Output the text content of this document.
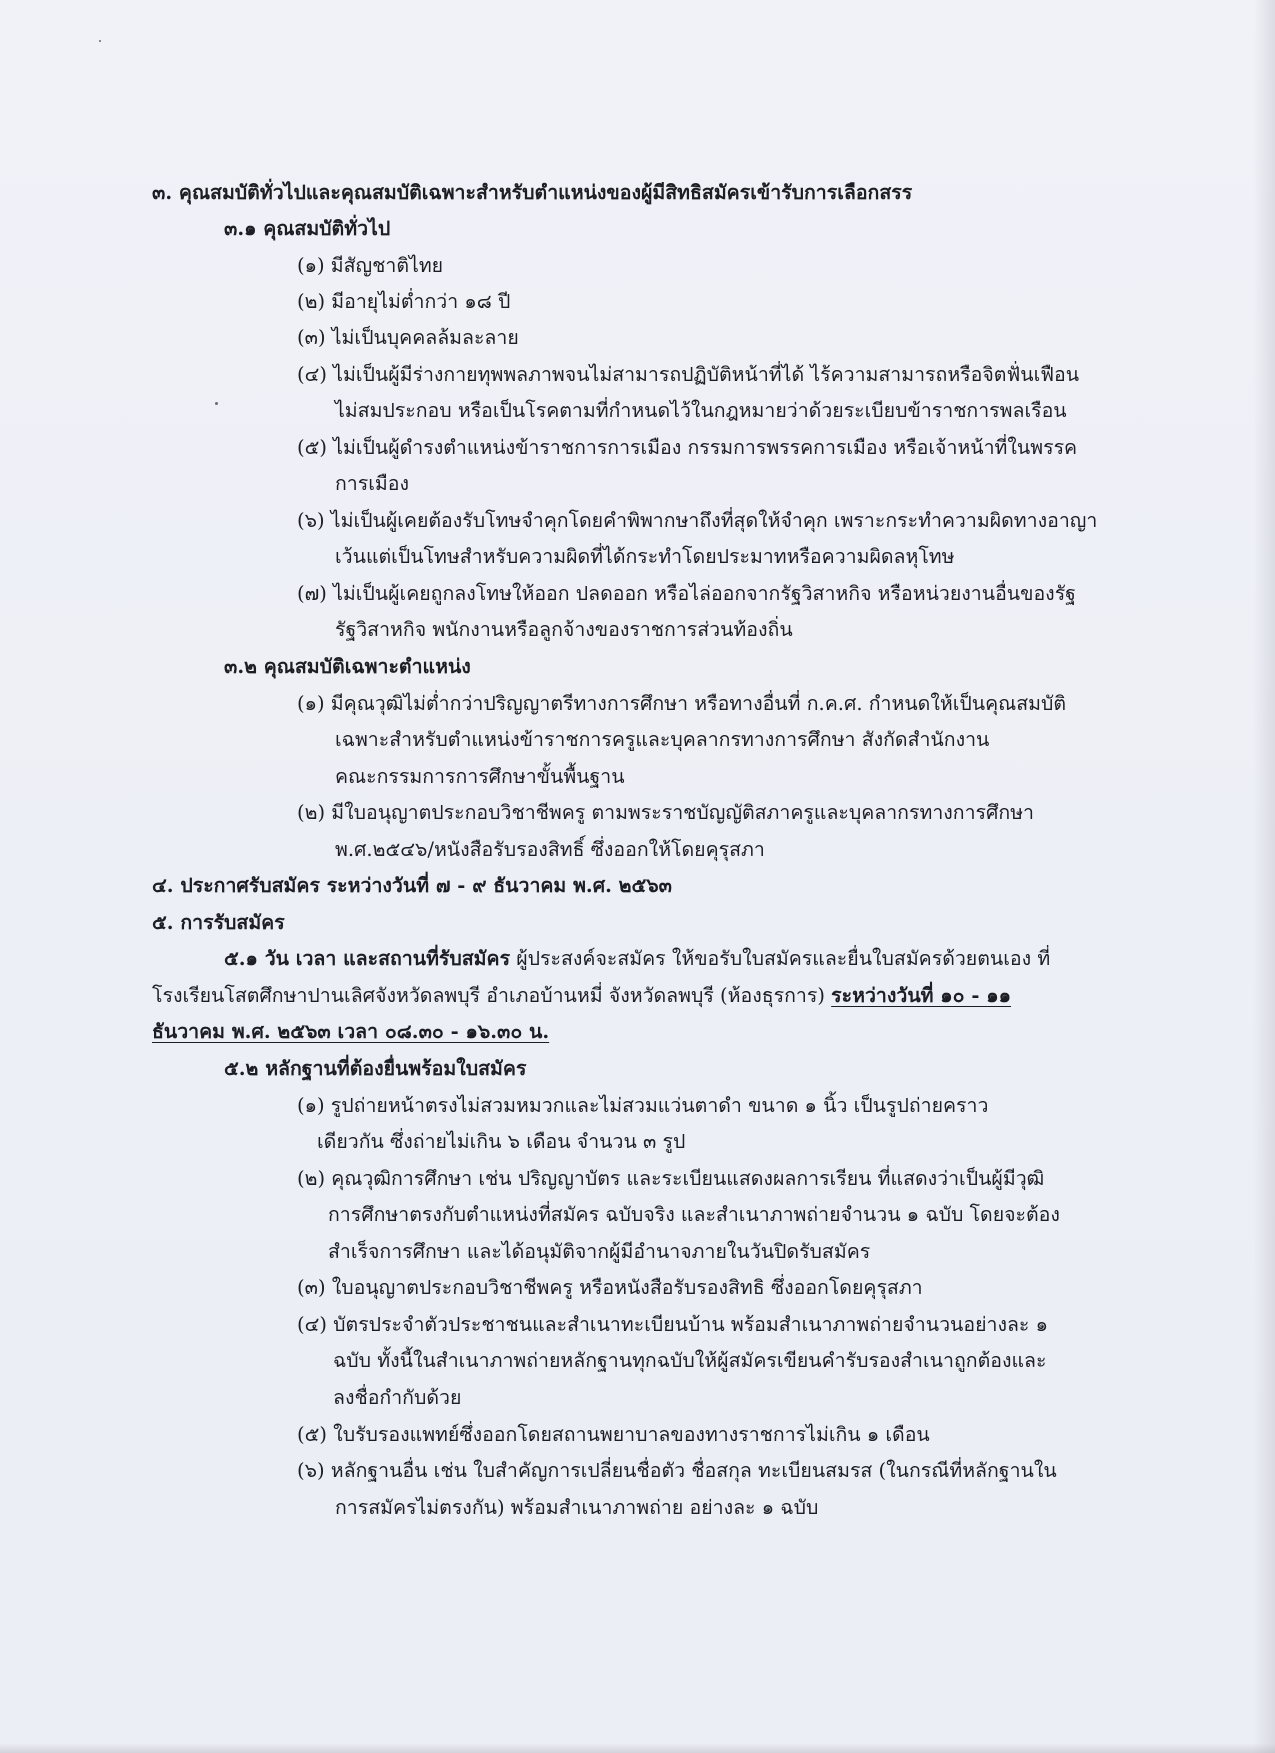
๓. คุณสมบัติทั่วไปและคุณสมบัติเฉพาะสำหรับตำแหน่งของผู้มีสิทธิสมัครเข้ารับการเลือกสรร
๓.๑ คุณสมบัติทั่วไป
(๑) มีสัญชาติไทย
(๒) มีอายุไม่ต่ำกว่า ๑๘ ปี
(๓) ไม่เป็นบุคคลล้มละลาย
(๔) ไม่เป็นผู้มีร่างกายทุพพลภาพจนไม่สามารถปฏิบัติหน้าที่ได้ ไร้ความสามารถหรือจิตฟั่นเฟือน
ไม่สมประกอบ หรือเป็นโรคตามที่กำหนดไว้ในกฎหมายว่าด้วยระเบียบข้าราชการพลเรือน
(๕) ไม่เป็นผู้ดำรงตำแหน่งข้าราชการการเมือง กรรมการพรรคการเมือง หรือเจ้าหน้าที่ในพรรค
การเมือง
(๖) ไม่เป็นผู้เคยต้องรับโทษจำคุกโดยคำพิพากษาถึงที่สุดให้จำคุก เพราะกระทำความผิดทางอาญา
เว้นแต่เป็นโทษสำหรับความผิดที่ได้กระทำโดยประมาทหรือความผิดลหุโทษ
(๗) ไม่เป็นผู้เคยถูกลงโทษให้ออก ปลดออก หรือไล่ออกจากรัฐวิสาหกิจ หรือหน่วยงานอื่นของรัฐ
รัฐวิสาหกิจ พนักงานหรือลูกจ้างของราชการส่วนท้องถิ่น
๓.๒ คุณสมบัติเฉพาะตำแหน่ง
(๑) มีคุณวุฒิไม่ต่ำกว่าปริญญาตรีทางการศึกษา หรือทางอื่นที่ ก.ค.ศ. กำหนดให้เป็นคุณสมบัติ
เฉพาะสำหรับตำแหน่งข้าราชการครูและบุคลากรทางการศึกษา สังกัดสำนักงาน
คณะกรรมการการศึกษาขั้นพื้นฐาน
(๒) มีใบอนุญาตประกอบวิชาชีพครู ตามพระราชบัญญัติสภาครูและบุคลากรทางการศึกษา
พ.ศ.๒๕๔๖/หนังสือรับรองสิทธิ์ ซึ่งออกให้โดยคุรุสภา
๔. ประกาศรับสมัคร ระหว่างวันที่ ๗ - ๙ ธันวาคม พ.ศ. ๒๕๖๓
๕. การรับสมัคร
๕.๑ วัน เวลา และสถานที่รับสมัคร ผู้ประสงค์จะสมัคร ให้ขอรับใบสมัครและยื่นใบสมัครด้วยตนเอง ที่
โรงเรียนโสตศึกษาปานเลิศจังหวัดลพบุรี อำเภอบ้านหมี่ จังหวัดลพบุรี (ห้องธุรการ) ระหว่างวันที่ ๑๐ - ๑๑
ธันวาคม พ.ศ. ๒๕๖๓ เวลา ๐๘.๓๐ - ๑๖.๓๐ น.
๕.๒ หลักฐานที่ต้องยื่นพร้อมใบสมัคร
(๑) รูปถ่ายหน้าตรงไม่สวมหมวกและไม่สวมแว่นตาดำ ขนาด ๑ นิ้ว เป็นรูปถ่ายคราว
เดียวกัน ซึ่งถ่ายไม่เกิน ๖ เดือน จำนวน ๓ รูป
(๒) คุณวุฒิการศึกษา เช่น ปริญญาบัตร และระเบียนแสดงผลการเรียน ที่แสดงว่าเป็นผู้มีวุฒิ
การศึกษาตรงกับตำแหน่งที่สมัคร ฉบับจริง และสำเนาภาพถ่ายจำนวน ๑ ฉบับ โดยจะต้อง
สำเร็จการศึกษา และได้อนุมัติจากผู้มีอำนาจภายในวันปิดรับสมัคร
(๓) ใบอนุญาตประกอบวิชาชีพครู หรือหนังสือรับรองสิทธิ ซึ่งออกโดยคุรุสภา
(๔) บัตรประจำตัวประชาชนและสำเนาทะเบียนบ้าน พร้อมสำเนาภาพถ่ายจำนวนอย่างละ ๑
ฉบับ ทั้งนี้ในสำเนาภาพถ่ายหลักฐานทุกฉบับให้ผู้สมัครเขียนคำรับรองสำเนาถูกต้องและ
ลงชื่อกำกับด้วย
(๕) ใบรับรองแพทย์ซึ่งออกโดยสถานพยาบาลของทางราชการไม่เกิน ๑ เดือน
(๖) หลักฐานอื่น เช่น ใบสำคัญการเปลี่ยนชื่อตัว ชื่อสกุล ทะเบียนสมรส (ในกรณีที่หลักฐานใน
การสมัครไม่ตรงกัน) พร้อมสำเนาภาพถ่าย อย่างละ ๑ ฉบับ
